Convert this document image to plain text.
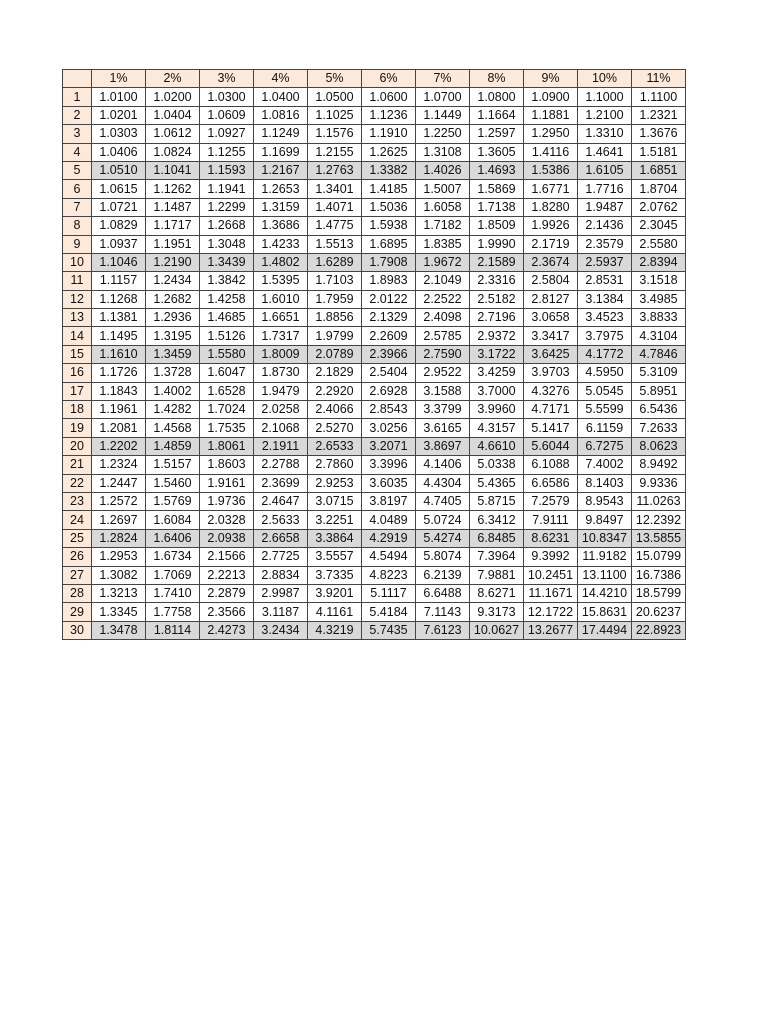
	1%	2%	3%	4%	5%	6%	7%	8%	9%	10%	11%
1	1.0100	1.0200	1.0300	1.0400	1.0500	1.0600	1.0700	1.0800	1.0900	1.1000	1.1100
2	1.0201	1.0404	1.0609	1.0816	1.1025	1.1236	1.1449	1.1664	1.1881	1.2100	1.2321
3	1.0303	1.0612	1.0927	1.1249	1.1576	1.1910	1.2250	1.2597	1.2950	1.3310	1.3676
4	1.0406	1.0824	1.1255	1.1699	1.2155	1.2625	1.3108	1.3605	1.4116	1.4641	1.5181
5	1.0510	1.1041	1.1593	1.2167	1.2763	1.3382	1.4026	1.4693	1.5386	1.6105	1.6851
6	1.0615	1.1262	1.1941	1.2653	1.3401	1.4185	1.5007	1.5869	1.6771	1.7716	1.8704
7	1.0721	1.1487	1.2299	1.3159	1.4071	1.5036	1.6058	1.7138	1.8280	1.9487	2.0762
8	1.0829	1.1717	1.2668	1.3686	1.4775	1.5938	1.7182	1.8509	1.9926	2.1436	2.3045
9	1.0937	1.1951	1.3048	1.4233	1.5513	1.6895	1.8385	1.9990	2.1719	2.3579	2.5580
10	1.1046	1.2190	1.3439	1.4802	1.6289	1.7908	1.9672	2.1589	2.3674	2.5937	2.8394
11	1.1157	1.2434	1.3842	1.5395	1.7103	1.8983	2.1049	2.3316	2.5804	2.8531	3.1518
12	1.1268	1.2682	1.4258	1.6010	1.7959	2.0122	2.2522	2.5182	2.8127	3.1384	3.4985
13	1.1381	1.2936	1.4685	1.6651	1.8856	2.1329	2.4098	2.7196	3.0658	3.4523	3.8833
14	1.1495	1.3195	1.5126	1.7317	1.9799	2.2609	2.5785	2.9372	3.3417	3.7975	4.3104
15	1.1610	1.3459	1.5580	1.8009	2.0789	2.3966	2.7590	3.1722	3.6425	4.1772	4.7846
16	1.1726	1.3728	1.6047	1.8730	2.1829	2.5404	2.9522	3.4259	3.9703	4.5950	5.3109
17	1.1843	1.4002	1.6528	1.9479	2.2920	2.6928	3.1588	3.7000	4.3276	5.0545	5.8951
18	1.1961	1.4282	1.7024	2.0258	2.4066	2.8543	3.3799	3.9960	4.7171	5.5599	6.5436
19	1.2081	1.4568	1.7535	2.1068	2.5270	3.0256	3.6165	4.3157	5.1417	6.1159	7.2633
20	1.2202	1.4859	1.8061	2.1911	2.6533	3.2071	3.8697	4.6610	5.6044	6.7275	8.0623
21	1.2324	1.5157	1.8603	2.2788	2.7860	3.3996	4.1406	5.0338	6.1088	7.4002	8.9492
22	1.2447	1.5460	1.9161	2.3699	2.9253	3.6035	4.4304	5.4365	6.6586	8.1403	9.9336
23	1.2572	1.5769	1.9736	2.4647	3.0715	3.8197	4.7405	5.8715	7.2579	8.9543	11.0263
24	1.2697	1.6084	2.0328	2.5633	3.2251	4.0489	5.0724	6.3412	7.9111	9.8497	12.2392
25	1.2824	1.6406	2.0938	2.6658	3.3864	4.2919	5.4274	6.8485	8.6231	10.8347	13.5855
26	1.2953	1.6734	2.1566	2.7725	3.5557	4.5494	5.8074	7.3964	9.3992	11.9182	15.0799
27	1.3082	1.7069	2.2213	2.8834	3.7335	4.8223	6.2139	7.9881	10.2451	13.1100	16.7386
28	1.3213	1.7410	2.2879	2.9987	3.9201	5.1117	6.6488	8.6271	11.1671	14.4210	18.5799
29	1.3345	1.7758	2.3566	3.1187	4.1161	5.4184	7.1143	9.3173	12.1722	15.8631	20.6237
30	1.3478	1.8114	2.4273	3.2434	4.3219	5.7435	7.6123	10.0627	13.2677	17.4494	22.8923
